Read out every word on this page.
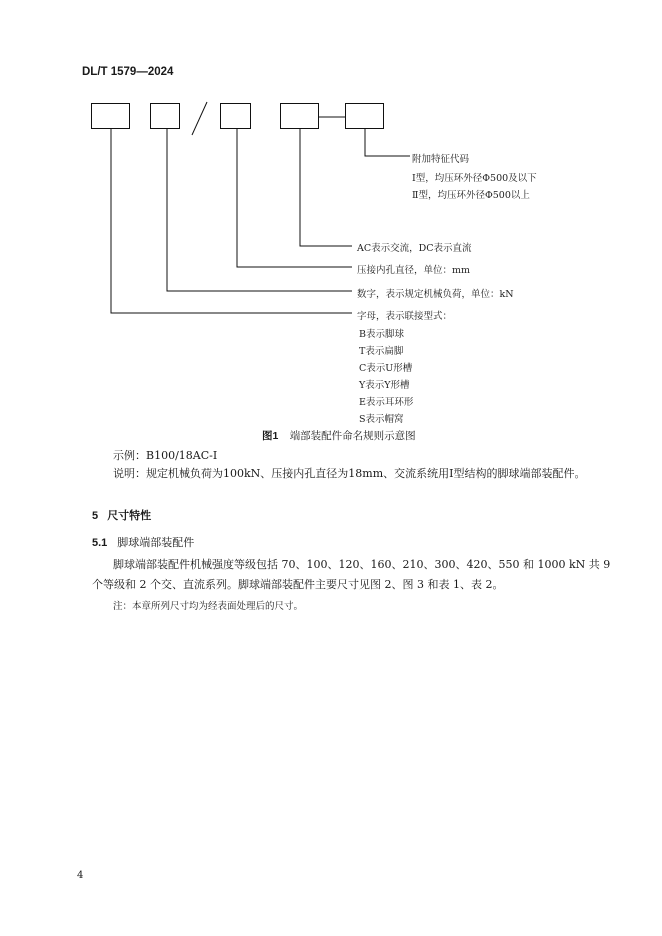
DL/T 1579—2024
附加特征代码
Ⅰ型，均压环外径Φ500及以下
Ⅱ型，均压环外径Φ500以上
AC表示交流，DC表示直流
压接内孔直径，单位：mm
数字，表示规定机械负荷，单位：kN
字母，表示联接型式：
B表示脚球
T表示扁脚
C表示U形槽
Y表示Y形槽
E表示耳环形
S表示帽窝
图1 端部装配件命名规则示意图
示例：B100/18AC-Ⅰ
说明：规定机械负荷为100kN、压接内孔直径为18mm、交流系统用Ⅰ型结构的脚球端部装配件。
5 尺寸特性
5.1 脚球端部装配件
脚球端部装配件机械强度等级包括 70、100、120、160、210、300、420、550 和 1000 kN 共 9
个等级和 2 个交、直流系列。脚球端部装配件主要尺寸见图 2、图 3 和表 1、表 2。
注：本章所列尺寸均为经表面处理后的尺寸。
4
